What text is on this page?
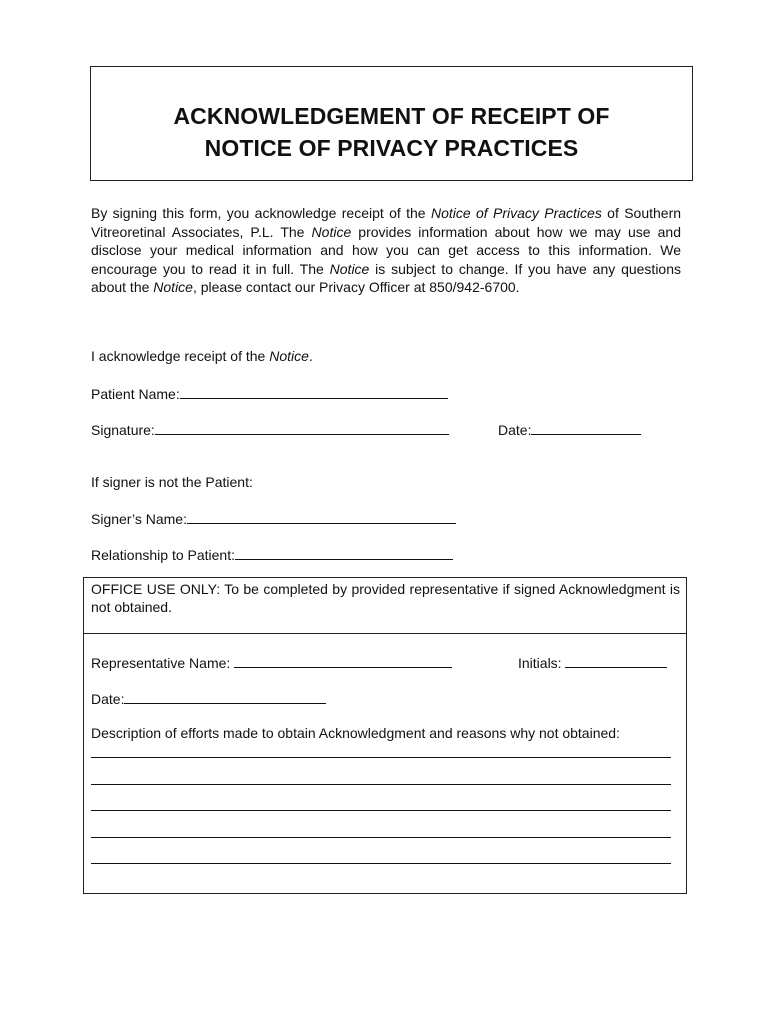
ACKNOWLEDGEMENT OF RECEIPT OF
NOTICE OF PRIVACY PRACTICES
By signing this form, you acknowledge receipt of the Notice of Privacy Practices of Southern Vitreoretinal Associates, P.L. The Notice provides information about how we may use and disclose your medical information and how you can get access to this information. We encourage you to read it in full. The Notice is subject to change. If you have any questions about the Notice, please contact our Privacy Officer at 850/942-6700.
I acknowledge receipt of the Notice.
Patient Name:
Signature:	Date:
If signer is not the Patient:
Signer’s Name:
Relationship to Patient:
OFFICE USE ONLY: To be completed by provided representative if signed Acknowledgment is not obtained.
Representative Name:	Initials:
Date:
Description of efforts made to obtain Acknowledgment and reasons why not obtained:
